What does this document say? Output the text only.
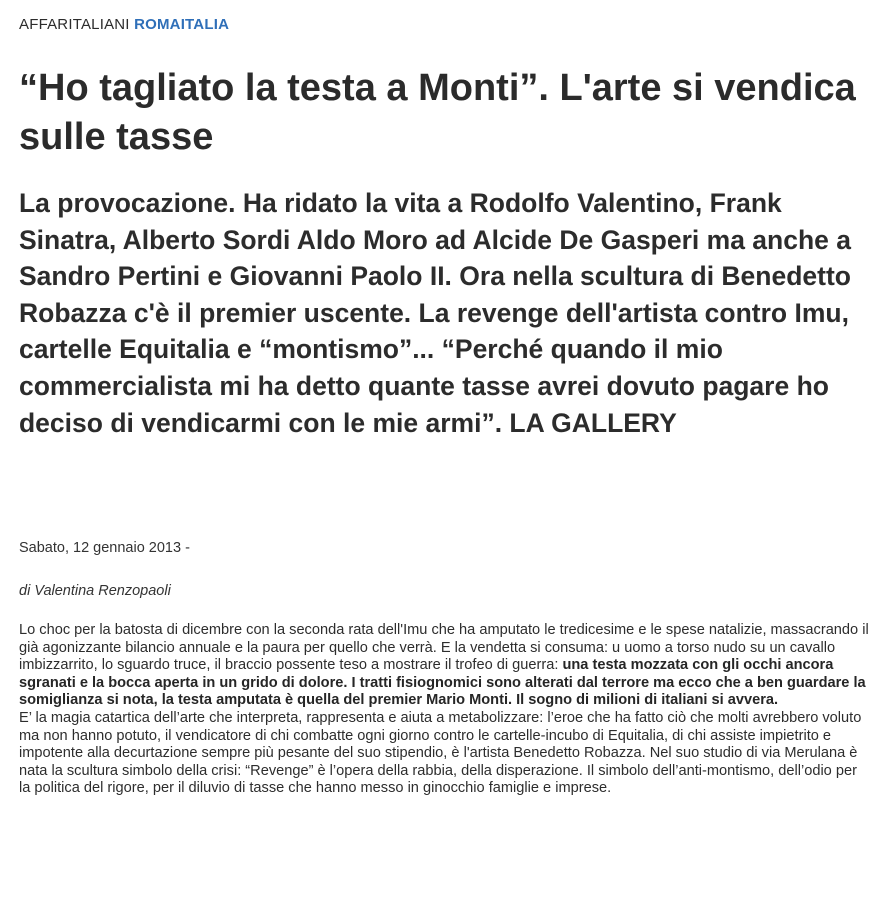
AFFARITALIANI ROMAITALIA
“Ho tagliato la testa a Monti”. L'arte si vendica sulle tasse

La provocazione. Ha ridato la vita a Rodolfo Valentino, Frank Sinatra, Alberto Sordi Aldo Moro ad Alcide De Gasperi ma anche a Sandro Pertini e Giovanni Paolo II. Ora nella scultura di Benedetto Robazza c'è il premier uscente. La revenge dell'artista contro Imu, cartelle Equitalia e “montismo”... “Perché quando il mio commercialista mi ha detto quante tasse avrei dovuto pagare ho deciso di vendicarmi con le mie armi”. LA GALLERY

Sabato, 12 gennaio 2013 -
di Valentina Renzopaoli
Lo choc per la batosta di dicembre con la seconda rata dell'Imu che ha amputato le tredicesime e le spese natalizie, massacrando il già agonizzante bilancio annuale e la paura per quello che verrà. E la vendetta si consuma: u uomo a torso nudo su un cavallo imbizzarrito, lo sguardo truce, il braccio possente teso a mostrare il trofeo di guerra: una testa mozzata con gli occhi ancora sgranati e la bocca aperta in un grido di dolore. I tratti fisiognomici sono alterati dal terrore ma ecco che a ben guardare la somiglianza si nota, la testa amputata è quella del premier Mario Monti. Il sogno di milioni di italiani si avvera.
E’ la magia catartica dell’arte che interpreta, rappresenta e aiuta a metabolizzare: l’eroe che ha fatto ciò che molti avrebbero voluto ma non hanno potuto, il vendicatore di chi combatte ogni giorno contro le cartelle-incubo di Equitalia, di chi assiste impietrito e impotente alla decurtazione sempre più pesante del suo stipendio, è l'artista Benedetto Robazza. Nel suo studio di via Merulana è nata la scultura simbolo della crisi: “Revenge” è l’opera della rabbia, della disperazione. Il simbolo dell’anti-montismo, dell’odio per la politica del rigore, per il diluvio di tasse che hanno messo in ginocchio famiglie e imprese.
